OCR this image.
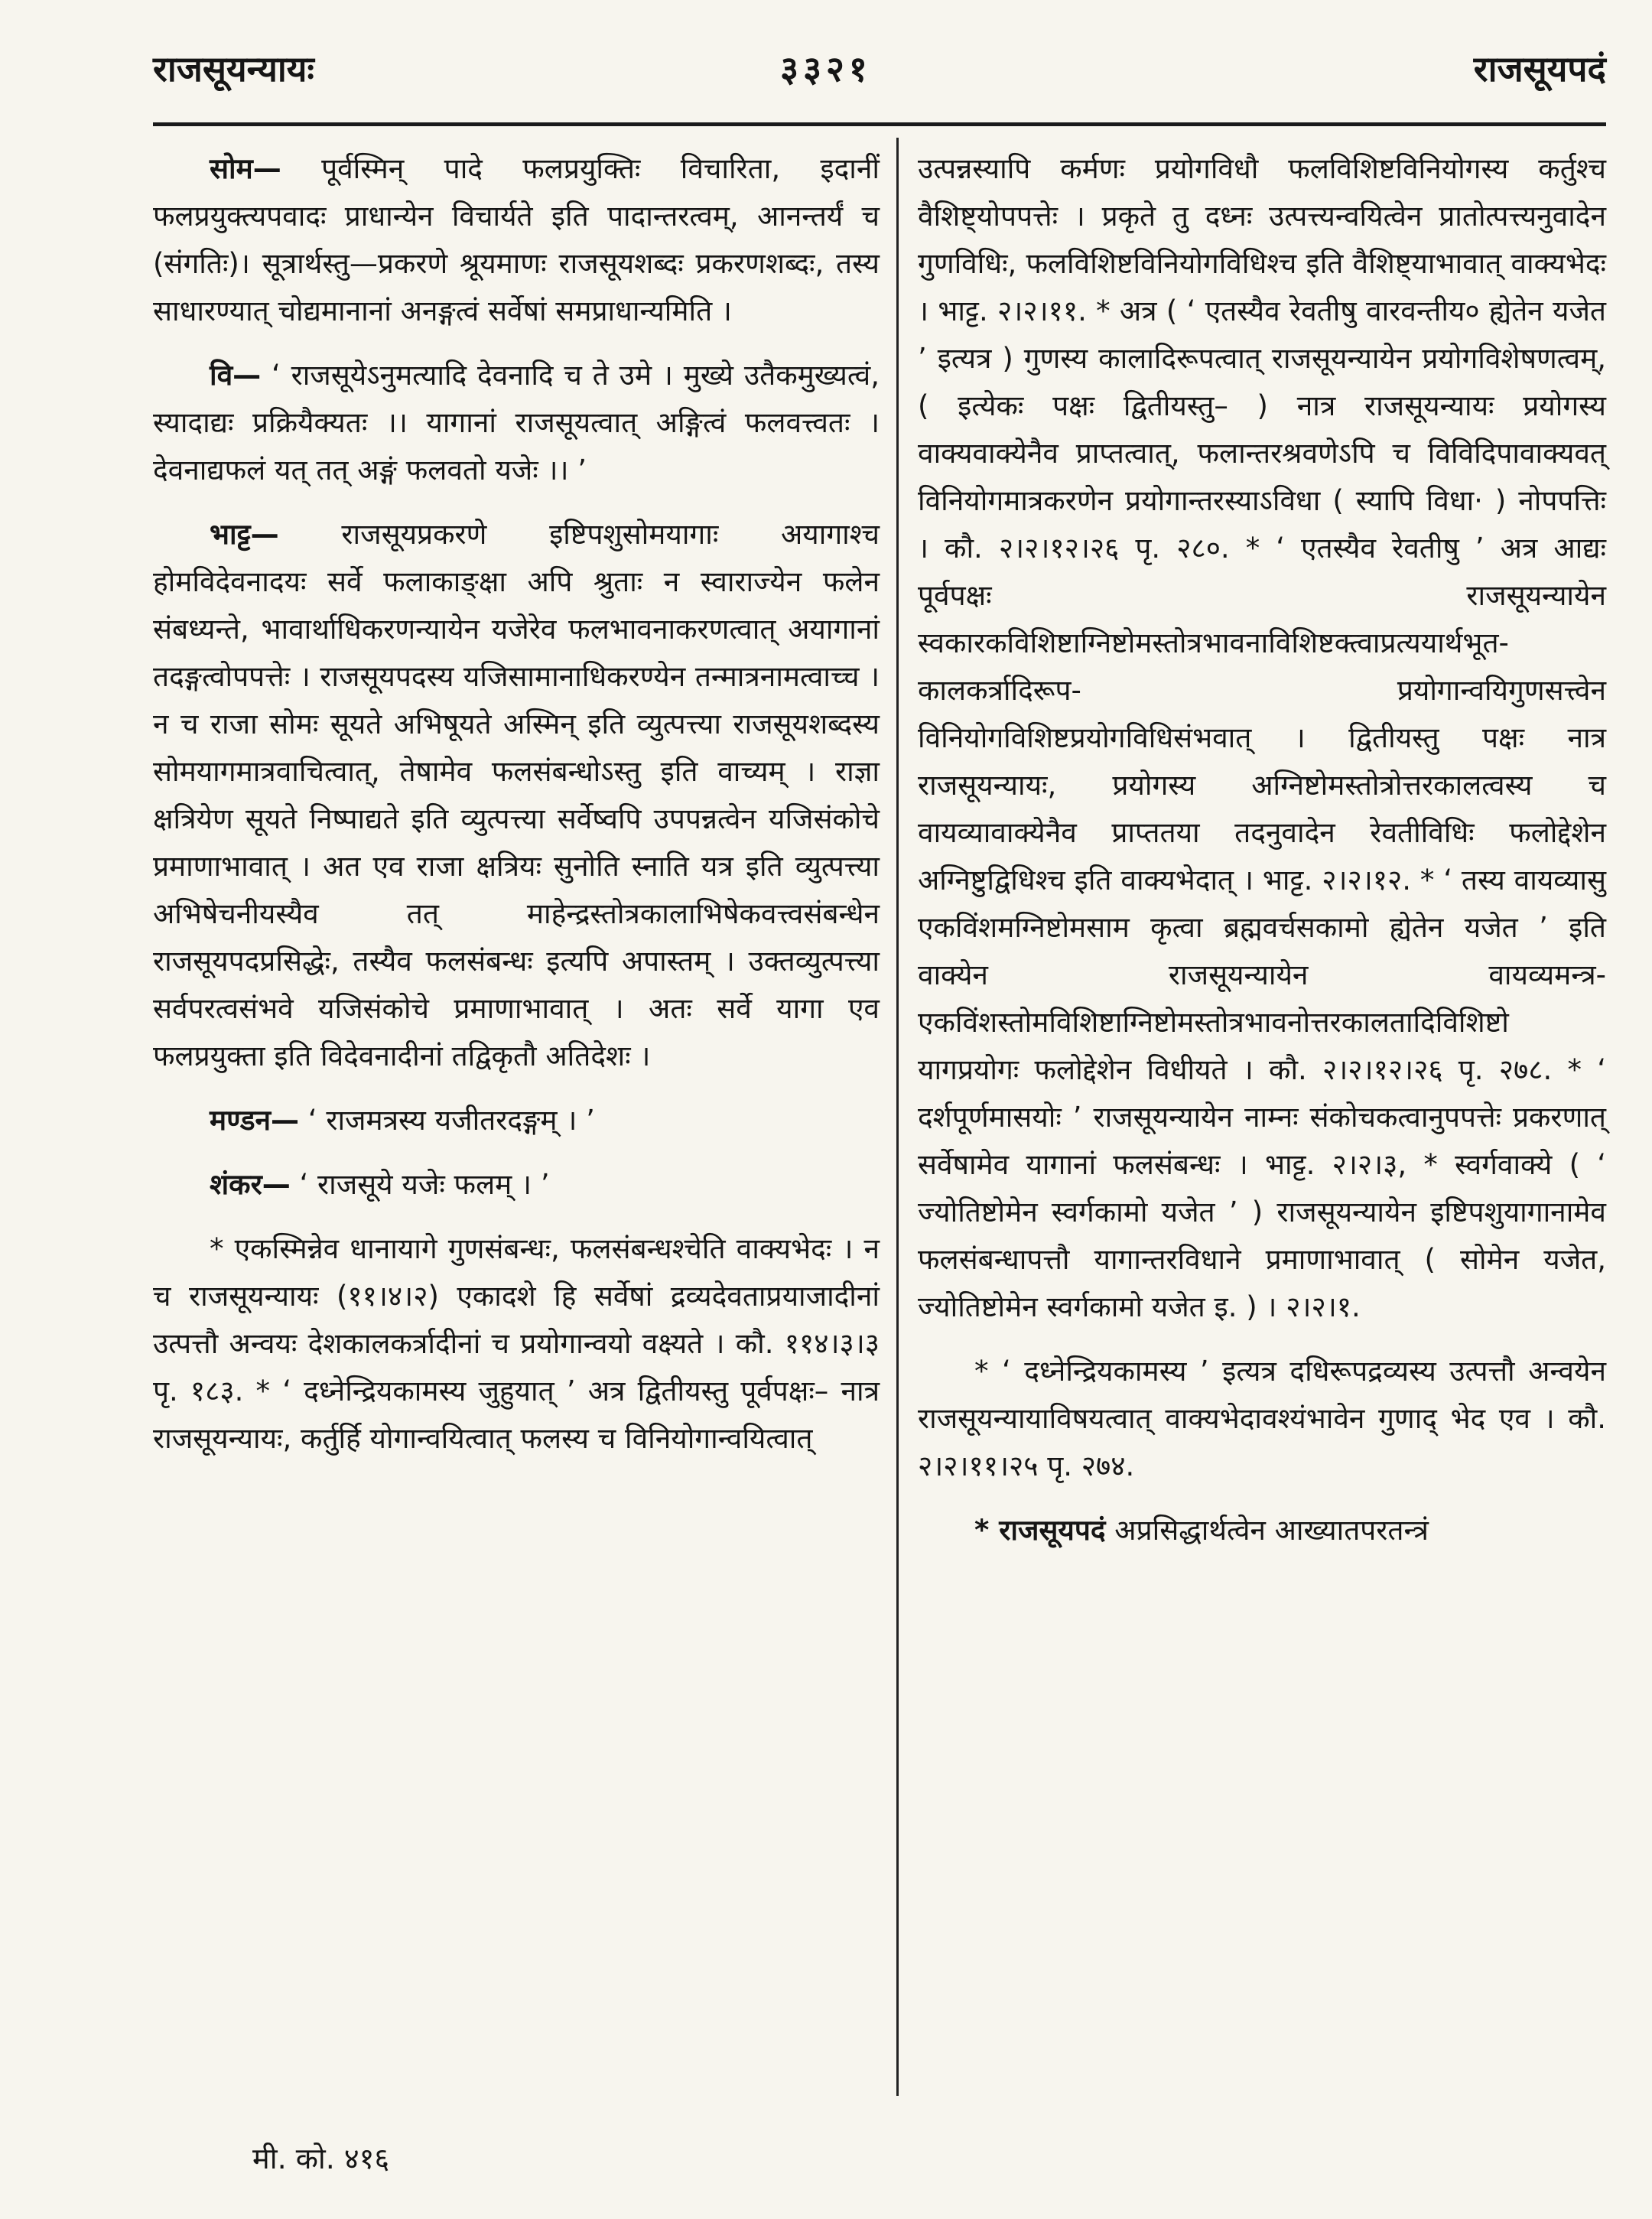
राजसूयन्यायः	३३२१	राजसूयपदं

सोम— पूर्वस्मिन् पादे फलप्रयुक्तिः विचारिता, इदानीं फलप्रयुक्त्यपवादः प्राधान्येन विचार्यते इति पादान्तरत्वम्, आनन्तर्यं च (संगतिः)। सूत्रार्थस्तु—प्रकरणे श्रूयमाणः राजसूयशब्दः प्रकरणशब्दः, तस्य साधारण्यात् चोद्यमानानां अनङ्गत्वं सर्वेषां समप्राधान्यमिति ।

वि— ‘ राजसूयेऽनुमत्यादि देवनादि च ते उमे । मुख्ये उतैकमुख्यत्वं, स्यादाद्यः प्रक्रियैक्यतः ।। यागानां राजसूयत्वात् अङ्गित्वं फलवत्त्वतः । देवनाद्यफलं यत् तत् अङ्गं फलवतो यजेः ।। ’

भाट्ट— राजसूयप्रकरणे इष्टिपशुसोमयागाः अयागाश्च होमविदेवनादयः सर्वे फलाकाङ्क्षा अपि श्रुताः न स्वाराज्येन फलेन संबध्यन्ते, भावार्थाधिकरणन्यायेन यजेरेव फलभावनाकरणत्वात् अयागानां तदङ्गत्वोपपत्तेः । राजसूयपदस्य यजिसामानाधिकरण्येन तन्मात्रनामत्वाच्च । न च राजा सोमः सूयते अभिषूयते अस्मिन् इति व्युत्पत्त्या राजसूयशब्दस्य सोमयागमात्रवाचित्वात्, तेषामेव फलसंबन्धोऽस्तु इति वाच्यम् । राज्ञा क्षत्रियेण सूयते निष्पाद्यते इति व्युत्पत्त्या सर्वेष्वपि उपपन्नत्वेन यजिसंकोचे प्रमाणाभावात् । अत एव राजा क्षत्रियः सुनोति स्नाति यत्र इति व्युत्पत्त्या अभिषेचनीयस्यैव तत् माहेन्द्रस्तोत्रकालाभिषेकवत्त्वसंबन्धेन राजसूयपदप्रसिद्धेः, तस्यैव फलसंबन्धः इत्यपि अपास्तम् । उक्तव्युत्पत्त्या सर्वपरत्वसंभवे यजिसंकोचे प्रमाणाभावात् । अतः सर्वे यागा एव फलप्रयुक्ता इति विदेवनादीनां तद्विकृतौ अतिदेशः ।

मण्डन— ‘ राजमत्रस्य यजीतरदङ्गम् । ’

शंकर— ‘ राजसूये यजेः फलम् । ’

* एकस्मिन्नेव धानायागे गुणसंबन्धः, फलसंबन्धश्चेति वाक्यभेदः । न च राजसूयन्यायः (११।४।२) एकादशे हि सर्वेषां द्रव्यदेवताप्रयाजादीनां उत्पत्तौ अन्वयः देशकालकर्त्रादीनां च प्रयोगान्वयो वक्ष्यते । कौ. ११४।३।३ पृ. १८३. * ‘ दध्नेन्द्रियकामस्य जुहुयात् ’ अत्र द्वितीयस्तु पूर्वपक्षः– नात्र राजसूयन्यायः, कर्तुर्हि योगान्वयित्वात् फलस्य च विनियोगान्वयित्वात्

उत्पन्नस्यापि कर्मणः प्रयोगविधौ फलविशिष्टविनियोगस्य कर्तुश्च वैशिष्ट्योपपत्तेः । प्रकृते तु दध्नः उत्पत्त्यन्वयित्वेन प्रातोत्पत्त्यनुवादेन गुणविधिः, फलविशिष्टविनियोगविधिश्च इति वैशिष्ट्याभावात् वाक्यभेदः । भाट्ट. २।२।११. * अत्र ( ‘ एतस्यैव रेवतीषु वारवन्तीय० ह्येतेन यजेत ’ इत्यत्र ) गुणस्य कालादिरूपत्वात् राजसूयन्यायेन प्रयोगविशेषणत्वम्, ( इत्येकः पक्षः द्वितीयस्तु– ) नात्र राजसूयन्यायः प्रयोगस्य वाक्यवाक्येनैव प्राप्तत्वात्, फलान्तरश्रवणेऽपि च विविदिपावाक्यवत् विनियोगमात्रकरणेन प्रयोगान्तरस्याऽविधा ( स्यापि विधा· ) नोपपत्तिः । कौ. २।२।१२।२६ पृ. २८०. * ‘ एतस्यैव रेवतीषु ’ अत्र आद्यः पूर्वपक्षः राजसूयन्यायेन स्वकारकविशिष्टाग्निष्टोमस्तोत्रभावनाविशिष्टक्त्वाप्रत्ययार्थभूत-कालकर्त्रादिरूप- प्रयोगान्वयिगुणसत्त्वेन विनियोगविशिष्टप्रयोगविधिसंभवात् । द्वितीयस्तु पक्षः नात्र राजसूयन्यायः, प्रयोगस्य अग्निष्टोमस्तोत्रोत्तरकालत्वस्य च वायव्यावाक्येनैव प्राप्ततया तदनुवादेन रेवतीविधिः फलोद्देशेन अग्निष्टुद्विधिश्च इति वाक्यभेदात् । भाट्ट. २।२।१२. * ‘ तस्य वायव्यासु एकविंशमग्निष्टोमसाम कृत्वा ब्रह्मवर्चसकामो ह्येतेन यजेत ’ इति वाक्येन राजसूयन्यायेन वायव्यमन्त्र-एकविंशस्तोमविशिष्टाग्निष्टोमस्तोत्रभावनोत्तरकालतादिविशिष्टो यागप्रयोगः फलोद्देशेन विधीयते । कौ. २।२।१२।२६ पृ. २७८. * ‘ दर्शपूर्णमासयोः ’ राजसूयन्यायेन नाम्नः संकोचकत्वानुपपत्तेः प्रकरणात् सर्वेषामेव यागानां फलसंबन्धः । भाट्ट. २।२।३, * स्वर्गवाक्ये ( ‘ ज्योतिष्टोमेन स्वर्गकामो यजेत ’ ) राजसूयन्यायेन इष्टिपशुयागानामेव फलसंबन्धापत्तौ यागान्तरविधाने प्रमाणाभावात् ( सोमेन यजेत, ज्योतिष्टोमेन स्वर्गकामो यजेत इ. ) । २।२।१.

* ‘ दध्नेन्द्रियकामस्य ’ इत्यत्र दधिरूपद्रव्यस्य उत्पत्तौ अन्वयेन राजसूयन्यायाविषयत्वात् वाक्यभेदावश्यंभावेन गुणाद् भेद एव । कौ. २।२।११।२५ पृ. २७४.

* राजसूयपदं अप्रसिद्धार्थत्वेन आख्यातपरतन्त्रं

मी. को. ४१६
